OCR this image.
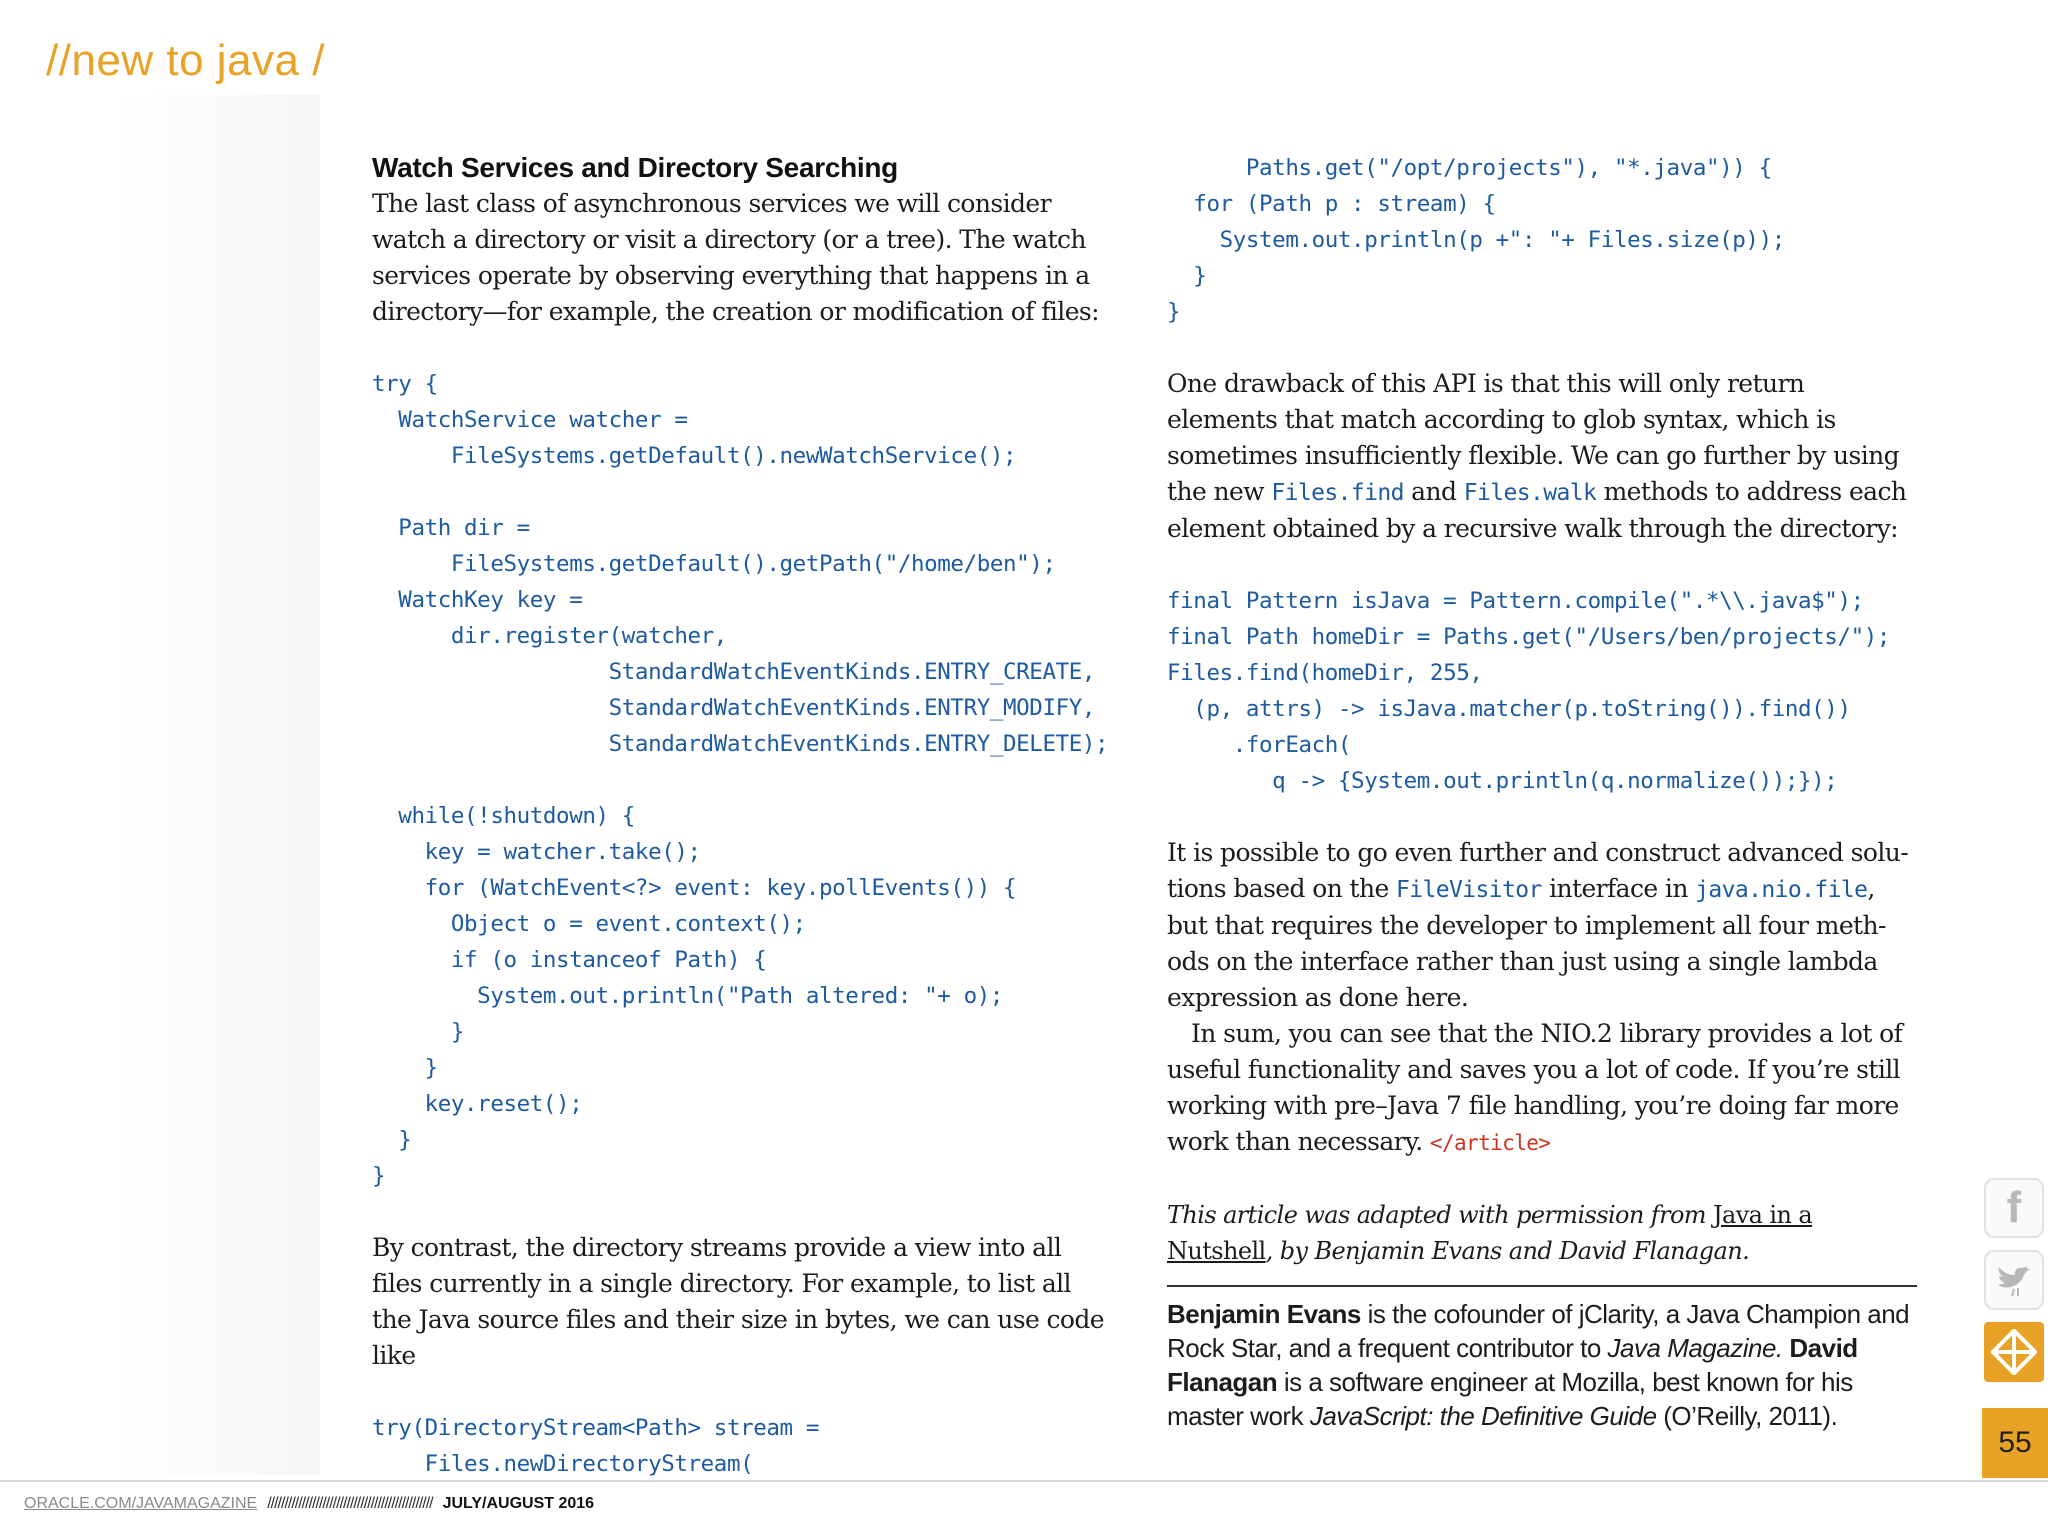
//new to java /
Watch Services and Directory Searching

The last class of asynchronous services we will consider watch a directory or visit a directory (or a tree). The watch services operate by observing everything that happens in a directory—for example, the creation or modification of files:

try {
WatchService watcher =
FileSystems.getDefault().newWatchService();

Path dir =
FileSystems.getDefault().getPath("/home/ben");
WatchKey key =
dir.register(watcher,
StandardWatchEventKinds.ENTRY_CREATE,
StandardWatchEventKinds.ENTRY_MODIFY,
StandardWatchEventKinds.ENTRY_DELETE);

while(!shutdown) {
key = watcher.take();
for (WatchEvent<?> event: key.pollEvents()) {
Object o = event.context();
if (o instanceof Path) {
System.out.println("Path altered: "+ o);
}
}
key.reset();
}
}

By contrast, the directory streams provide a view into all files currently in a single directory. For example, to list all the Java source files and their size in bytes, we can use code like

try(DirectoryStream<Path> stream =
Files.newDirectoryStream(
Paths.get("/opt/projects"), "*.java")) {
for (Path p : stream) {
System.out.println(p +": "+ Files.size(p));
}
}

One drawback of this API is that this will only return elements that match according to glob syntax, which is sometimes insufficiently flexible. We can go further by using the new Files.find and Files.walk methods to address each element obtained by a recursive walk through the directory:

final Pattern isJava = Pattern.compile(".*\\.java$");
final Path homeDir = Paths.get("/Users/ben/projects/");
Files.find(homeDir, 255,
(p, attrs) -> isJava.matcher(p.toString()).find())
.forEach(
q -> {System.out.println(q.normalize());});

It is possible to go even further and construct advanced solu-tions based on the FileVisitor interface in java.nio.file, but that requires the developer to implement all four meth-ods on the interface rather than just using a single lambda expression as done here.

In sum, you can see that the NIO.2 library provides a lot of useful functionality and saves you a lot of code. If you’re still working with pre–Java 7 file handling, you’re doing far more work than necessary. </article>

This article was adapted with permission from Java in a Nutshell, by Benjamin Evans and David Flanagan.

Benjamin Evans is the cofounder of jClarity, a Java Champion and Rock Star, and a frequent contributor to Java Magazine. David Flanagan is a software engineer at Mozilla, best known for his master work JavaScript: the Definitive Guide (O’Reilly, 2011).

f
55
ORACLE.COM/JAVAMAGAZINE //////////////////////////////////////////////// JULY/AUGUST 2016
